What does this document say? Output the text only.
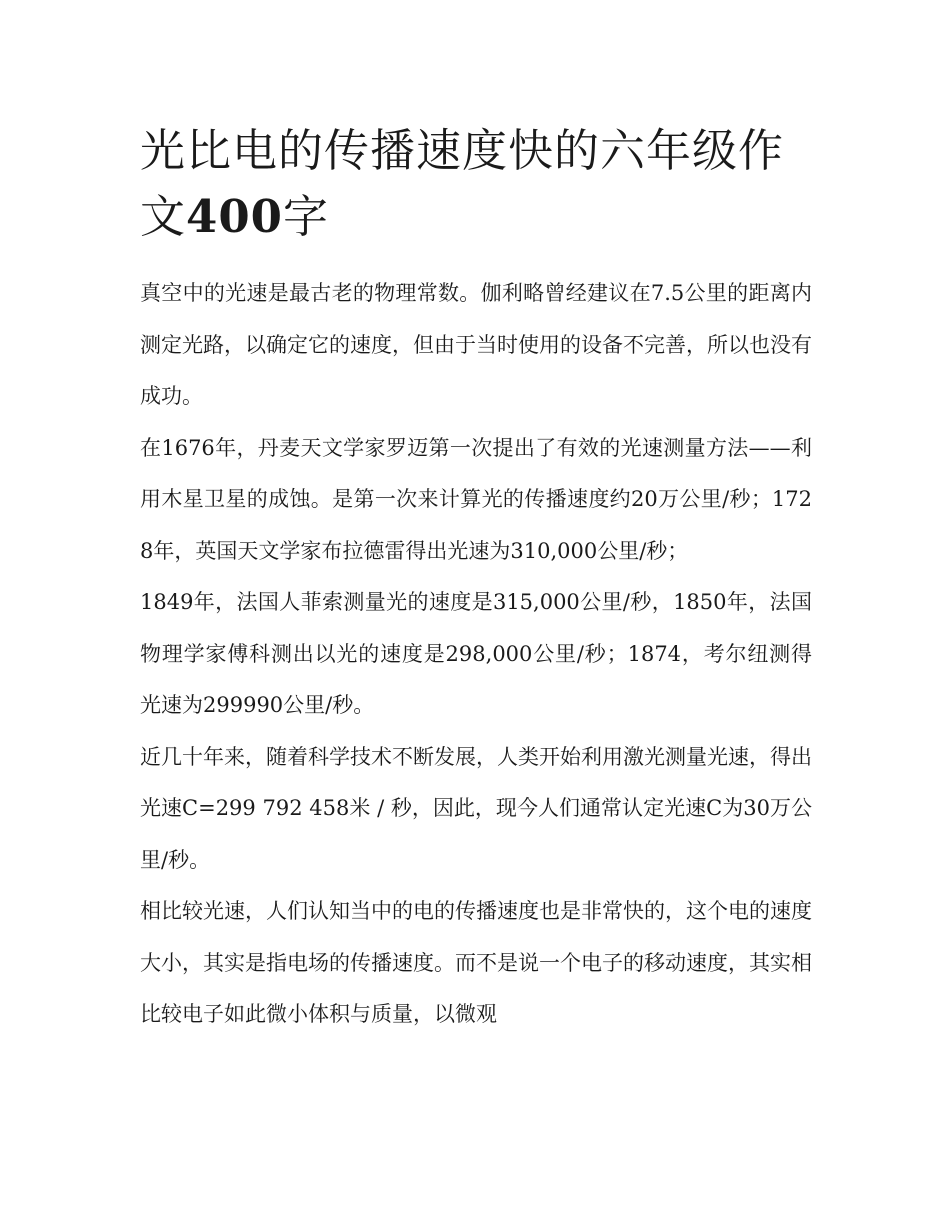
光比电的传播速度快的六年级作文400字

真空中的光速是最古老的物理常数。伽利略曾经建议在7.5公里的距离内测定光路，以确定它的速度，但由于当时使用的设备不完善，所以也没有成功。

在1676年，丹麦天文学家罗迈第一次提出了有效的光速测量方法——利用木星卫星的成蚀。是第一次来计算光的传播速度约20万公里/秒；1728年，英国天文学家布拉德雷得出光速为310,000公里/秒；

1849年，法国人菲索测量光的速度是315,000公里/秒，1850年，法国物理学家傅科测出以光的速度是298,000公里/秒；1874，考尔纽测得光速为299990公里/秒。

近几十年来，随着科学技术不断发展，人类开始利用激光测量光速，得出光速C=299 792 458米 / 秒，因此，现今人们通常认定光速C为30万公里/秒。

相比较光速，人们认知当中的电的传播速度也是非常快的，这个电的速度大小，其实是指电场的传播速度。而不是说一个电子的移动速度，其实相比较电子如此微小体积与质量，以微观
